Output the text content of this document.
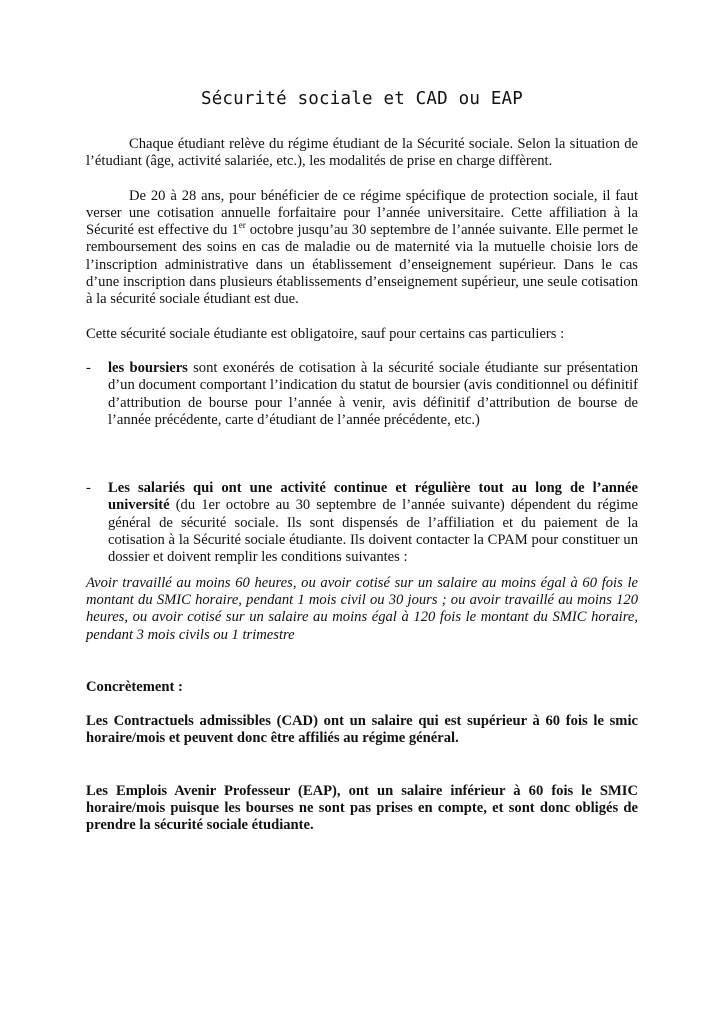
Sécurité sociale et CAD ou EAP

Chaque étudiant relève du régime étudiant de la Sécurité sociale. Selon la situation de l’étudiant (âge, activité salariée, etc.), les modalités de prise en charge diffèrent.

De 20 à 28 ans, pour bénéficier de ce régime spécifique de protection sociale, il faut verser une cotisation annuelle forfaitaire pour l’année universitaire. Cette affiliation à la Sécurité est effective du 1er octobre jusqu’au 30 septembre de l’année suivante. Elle permet le remboursement des soins en cas de maladie ou de maternité via la mutuelle choisie lors de l’inscription administrative dans un établissement d’enseignement supérieur. Dans le cas d’une inscription dans plusieurs établissements d’enseignement supérieur, une seule cotisation à la sécurité sociale étudiant est due.

Cette sécurité sociale étudiante est obligatoire, sauf pour certains cas particuliers :

- les boursiers sont exonérés de cotisation à la sécurité sociale étudiante sur présentation d’un document comportant l’indication du statut de boursier (avis conditionnel ou définitif d’attribution de bourse pour l’année à venir, avis définitif d’attribution de bourse de l’année précédente, carte d’étudiant de l’année précédente, etc.)
- Les salariés qui ont une activité continue et régulière tout au long de l’année université (du 1er octobre au 30 septembre de l’année suivante) dépendent du régime général de sécurité sociale. Ils sont dispensés de l’affiliation et du paiement de la cotisation à la Sécurité sociale étudiante. Ils doivent contacter la CPAM pour constituer un dossier et doivent remplir les conditions suivantes :

Avoir travaillé au moins 60 heures, ou avoir cotisé sur un salaire au moins égal à 60 fois le montant du SMIC horaire, pendant 1 mois civil ou 30 jours ; ou avoir travaillé au moins 120 heures, ou avoir cotisé sur un salaire au moins égal à 120 fois le montant du SMIC horaire, pendant 3 mois civils ou 1 trimestre

Concrètement :

Les Contractuels admissibles (CAD) ont un salaire qui est supérieur à 60 fois le smic horaire/mois et peuvent donc être affiliés au régime général.

Les Emplois Avenir Professeur (EAP), ont un salaire inférieur à 60 fois le SMIC horaire/mois puisque les bourses ne sont pas prises en compte, et sont donc obligés de prendre la sécurité sociale étudiante.
